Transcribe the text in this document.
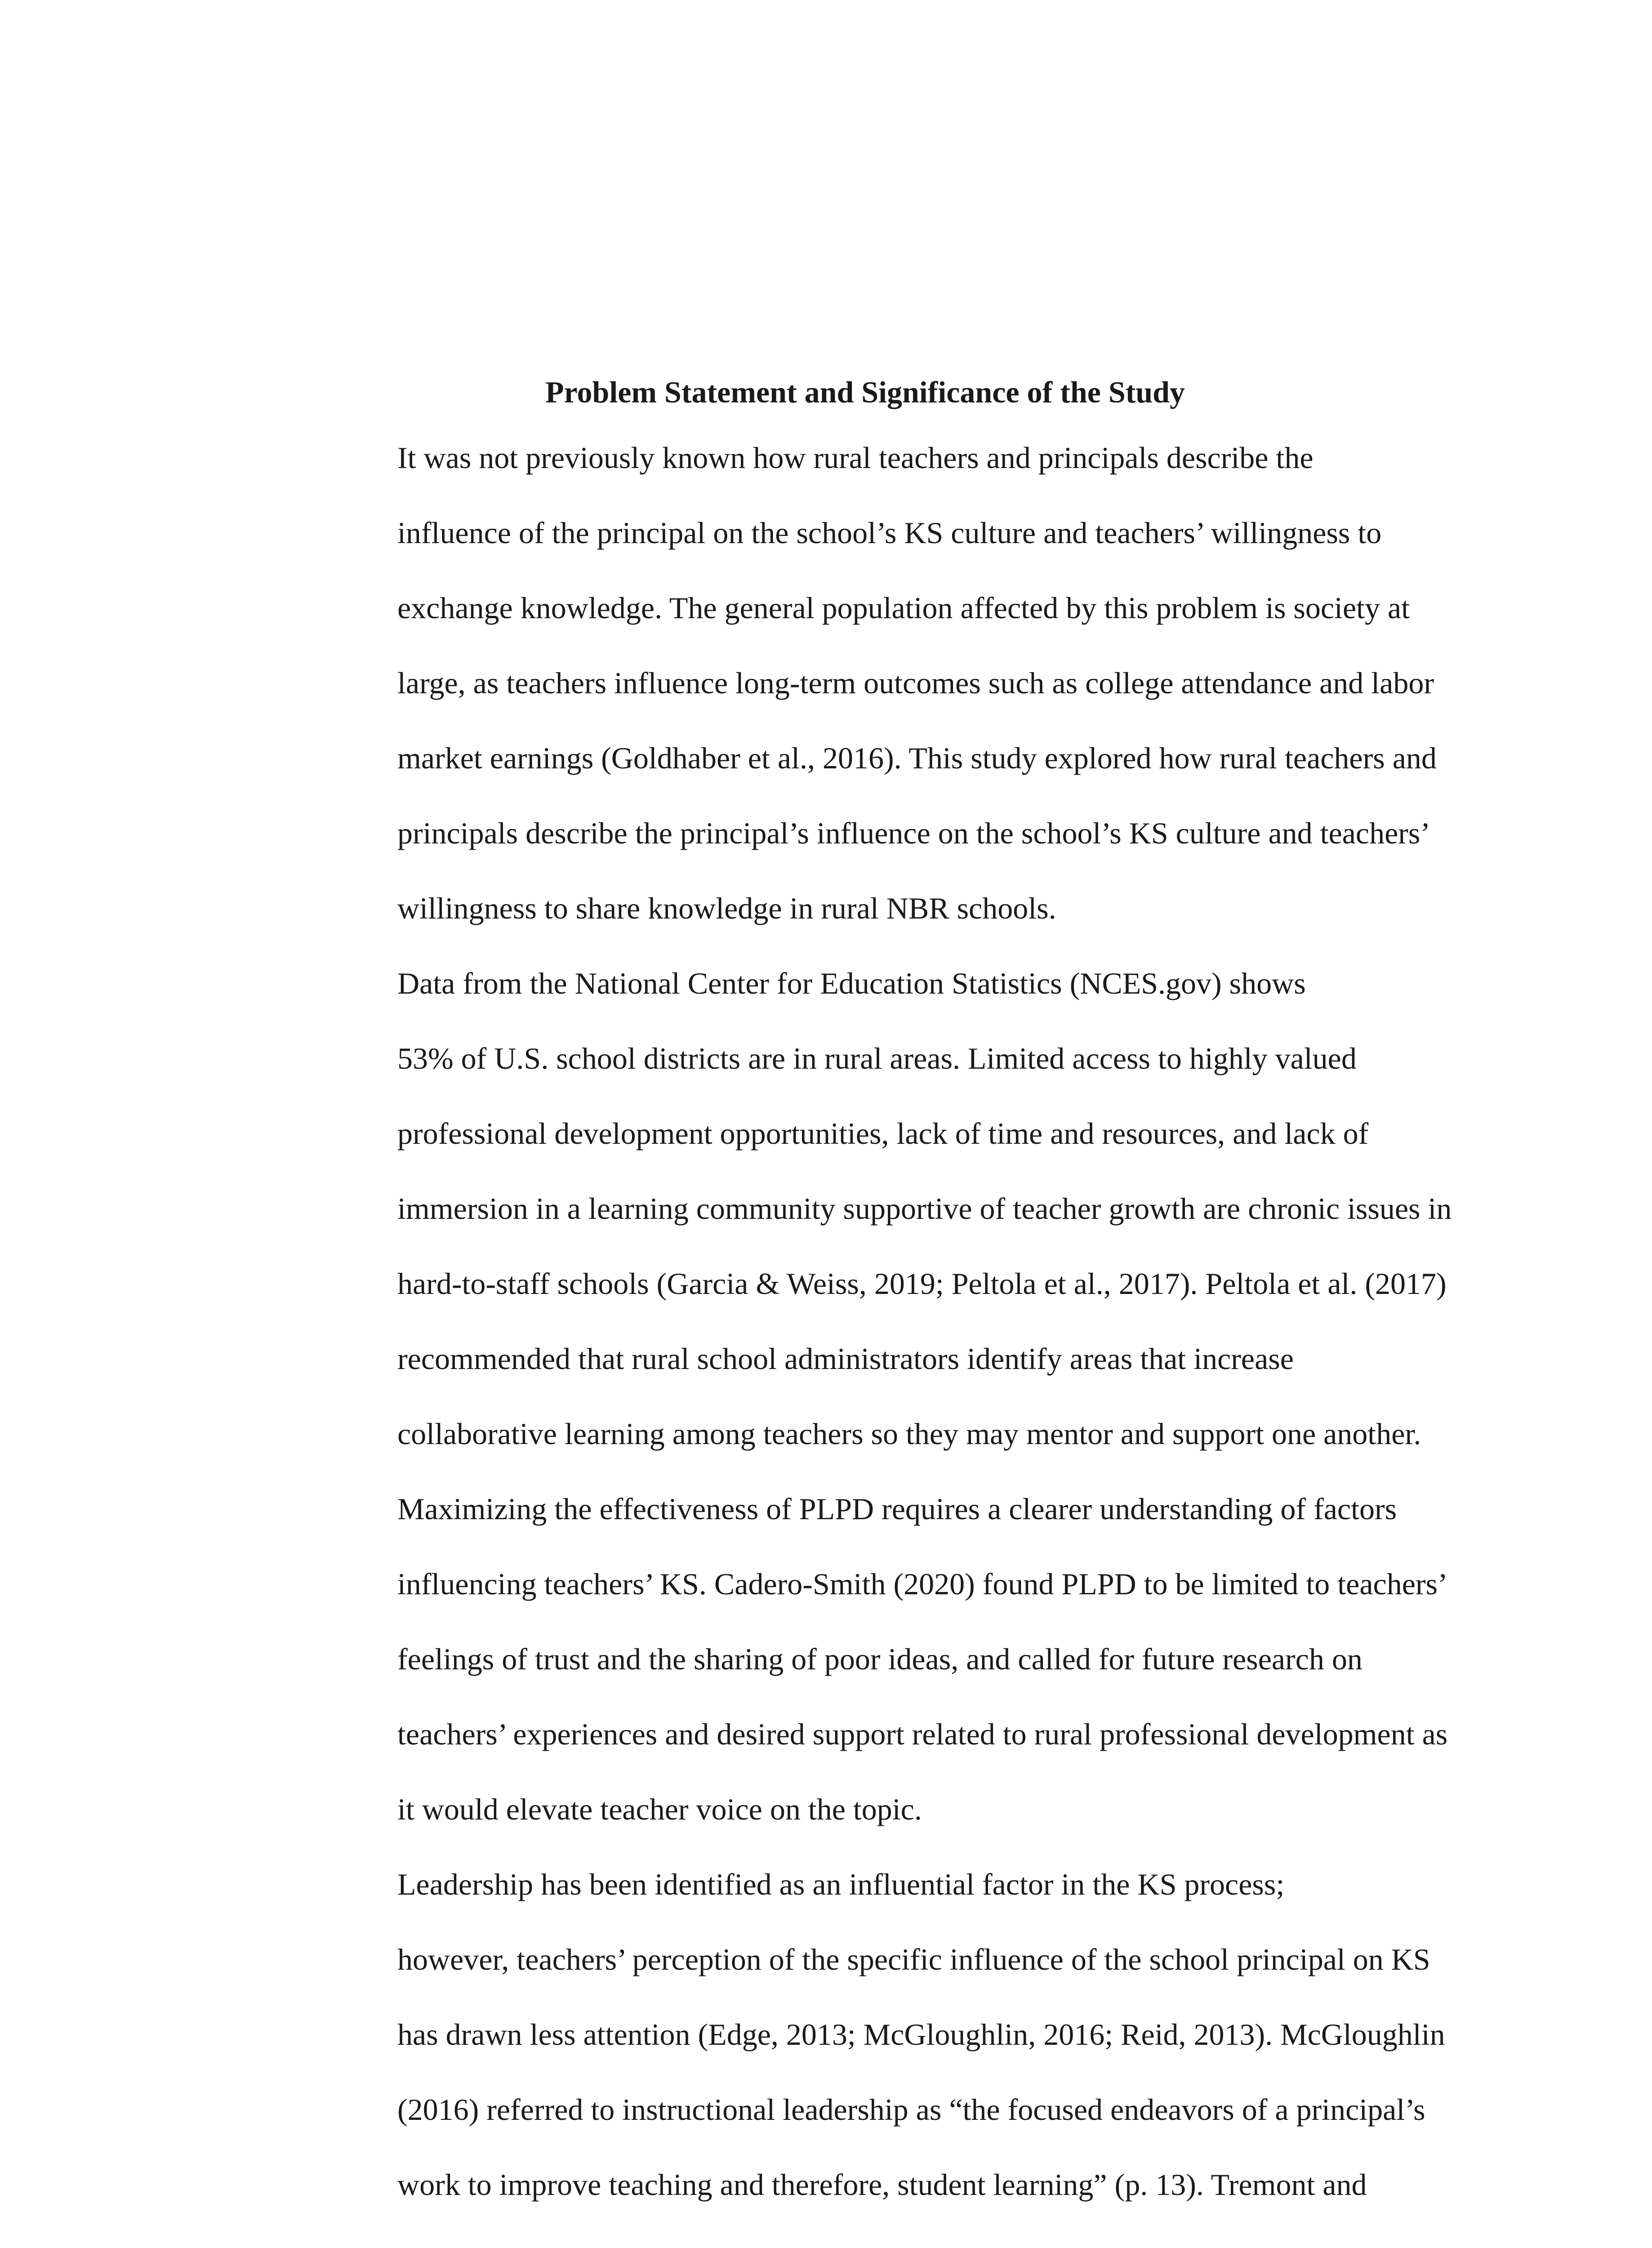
Problem Statement and Significance of the Study

It was not previously known how rural teachers and principals describe the
influence of the principal on the school’s KS culture and teachers’ willingness to
exchange knowledge. The general population affected by this problem is society at
large, as teachers influence long-term outcomes such as college attendance and labor
market earnings (Goldhaber et al., 2016). This study explored how rural teachers and
principals describe the principal’s influence on the school’s KS culture and teachers’
willingness to share knowledge in rural NBR schools.

Data from the National Center for Education Statistics (NCES.gov) shows
53% of U.S. school districts are in rural areas. Limited access to highly valued
professional development opportunities, lack of time and resources, and lack of
immersion in a learning community supportive of teacher growth are chronic issues in
hard-to-staff schools (Garcia & Weiss, 2019; Peltola et al., 2017). Peltola et al. (2017)
recommended that rural school administrators identify areas that increase
collaborative learning among teachers so they may mentor and support one another.
Maximizing the effectiveness of PLPD requires a clearer understanding of factors
influencing teachers’ KS. Cadero-Smith (2020) found PLPD to be limited to teachers’
feelings of trust and the sharing of poor ideas, and called for future research on
teachers’ experiences and desired support related to rural professional development as
it would elevate teacher voice on the topic.

Leadership has been identified as an influential factor in the KS process;
however, teachers’ perception of the specific influence of the school principal on KS
has drawn less attention (Edge, 2013; McGloughlin, 2016; Reid, 2013). McGloughlin
(2016) referred to instructional leadership as “the focused endeavors of a principal’s
work to improve teaching and therefore, student learning” (p. 13). Tremont and
